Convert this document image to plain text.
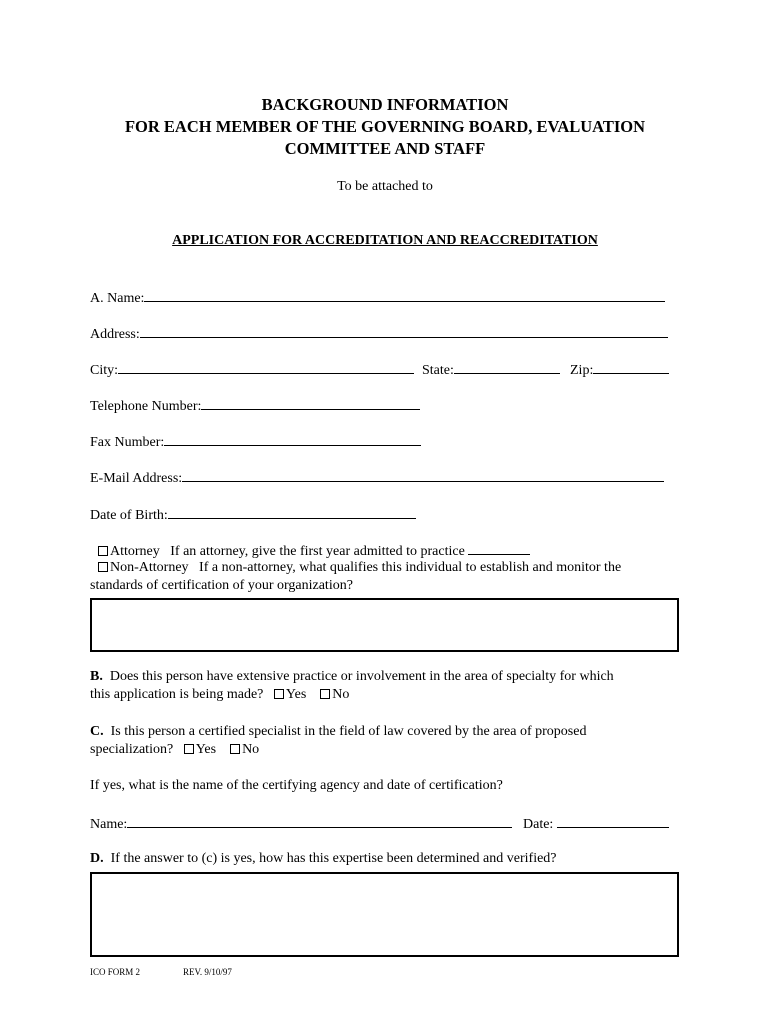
BACKGROUND INFORMATION
FOR EACH MEMBER OF THE GOVERNING BOARD, EVALUATION
COMMITTEE AND STAFF
To be attached to
APPLICATION FOR ACCREDITATION AND REACCREDITATION
A. Name:
Address:
City:	State:	Zip:
Telephone Number:
Fax Number:
E-Mail Address:
Date of Birth:
Attorney If an attorney, give the first year admitted to practice
Non-Attorney If a non-attorney, what qualifies this individual to establish and monitor the
standards of certification of your organization?
B. Does this person have extensive practice or involvement in the area of specialty for which
this application is being made? Yes No
C. Is this person a certified specialist in the field of law covered by the area of proposed
specialization? Yes No
If yes, what is the name of the certifying agency and date of certification?
Name:	Date:
D. If the answer to (c) is yes, how has this expertise been determined and verified?
ICO FORM 2	REV. 9/10/97
